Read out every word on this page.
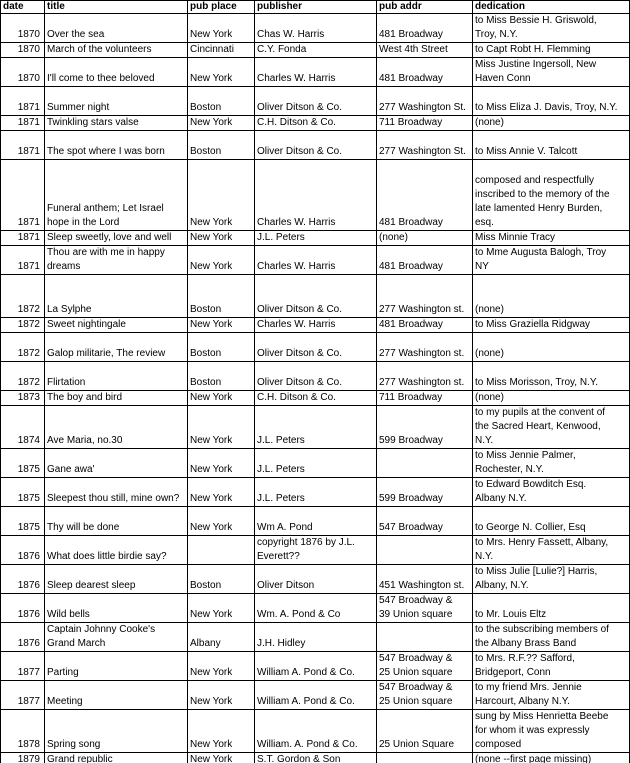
date	title	pub place	publisher	pub addr	dedication
1870	Over the sea	New York	Chas W. Harris	481 Broadway	to Miss Bessie H. Griswold,
Troy, N.Y.
1870	March of the volunteers	Cincinnati	C.Y. Fonda	West 4th Street	to Capt Robt H. Flemming
1870	I'll come to thee beloved	New York	Charles W. Harris	481 Broadway	Miss Justine Ingersoll, New
Haven Conn
1871	Summer night	Boston	Oliver Ditson & Co.	277 Washington St.	to Miss Eliza J. Davis, Troy, N.Y.
1871	Twinkling stars valse	New York	C.H. Ditson & Co.	711 Broadway	(none)
1871	The spot where I was born	Boston	Oliver Ditson & Co.	277 Washington St.	to Miss Annie V. Talcott
1871	Funeral anthem; Let Israel
hope in the Lord	New York	Charles W. Harris	481 Broadway	composed and respectfully
inscribed to the memory of the
late lamented Henry Burden,
esq.
1871	Sleep sweetly, love and well	New York	J.L. Peters	(none)	Miss Minnie Tracy
1871	Thou are with me in happy
dreams	New York	Charles W. Harris	481 Broadway	to Mme Augusta Balogh, Troy
NY
1872	La Sylphe	Boston	Oliver Ditson & Co.	277 Washington st.	(none)
1872	Sweet nightingale	New York	Charles W. Harris	481 Broadway	to Miss Graziella Ridgway
1872	Galop militarie, The review	Boston	Oliver Ditson & Co.	277 Washington st.	(none)
1872	Flirtation	Boston	Oliver Ditson & Co.	277 Washington st.	to Miss Morisson, Troy, N.Y.
1873	The boy and bird	New York	C.H. Ditson & Co.	711 Broadway	(none)
1874	Ave Maria, no.30	New York	J.L. Peters	599 Broadway	to my pupils at the convent of
the Sacred Heart, Kenwood,
N.Y.
1875	Gane awa'	New York	J.L. Peters		to Miss Jennie Palmer,
Rochester, N.Y.
1875	Sleepest thou still, mine own?	New York	J.L. Peters	599 Broadway	to Edward Bowditch Esq.
Albany N.Y.
1875	Thy will be done	New York	Wm A. Pond	547 Broadway	to George N. Collier, Esq
1876	What does little birdie say?		copyright 1876 by J.L.
Everett??		to Mrs. Henry Fassett, Albany,
N.Y.
1876	Sleep dearest sleep	Boston	Oliver Ditson	451 Washington st.	to Miss Julie [Lulie?] Harris,
Albany, N.Y.
1876	Wild bells	New York	Wm. A. Pond & Co	547 Broadway &
39 Union square	to Mr. Louis Eltz
1876	Captain Johnny Cooke's
Grand March	Albany	J.H. Hidley		to the subscribing members of
the Albany Brass Band
1877	Parting	New York	William A. Pond & Co.	547 Broadway &
25 Union square	to Mrs. R.F.?? Safford,
Bridgeport, Conn
1877	Meeting	New York	William A. Pond & Co.	547 Broadway &
25 Union square	to my friend Mrs. Jennie
Harcourt, Albany N.Y.
1878	Spring song	New York	William. A. Pond & Co.	25 Union Square	sung by Miss Henrietta Beebe
for whom it was expressly
composed
1879	Grand republic	New York	S.T. Gordon & Son		(none --first page missing)
